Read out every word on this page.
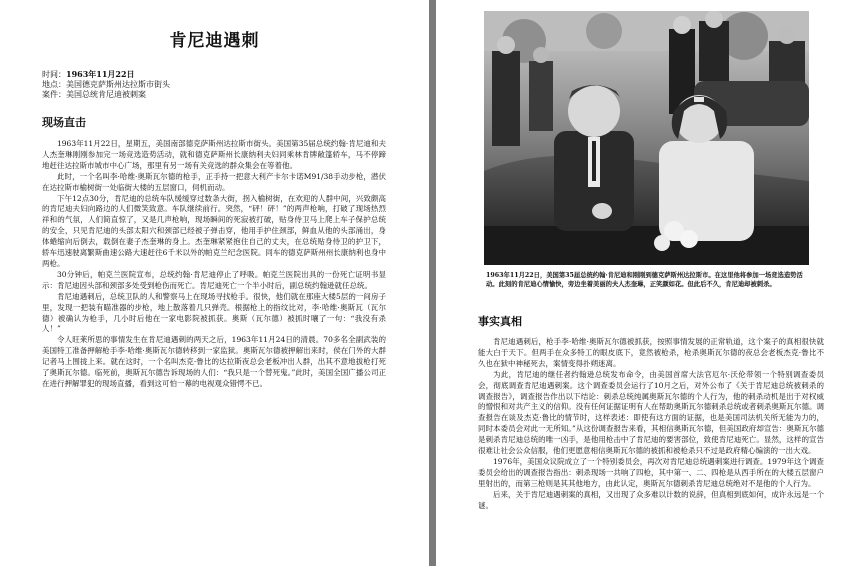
肯尼迪遇刺
时间：1963年11月22日
地点：美国德克萨斯州达拉斯市街头
案件：美国总统肯尼迪被刺案
现场直击

1963年11月22日，星期五，美国南部德克萨斯州达拉斯市街头。美国第35届总统约翰·肯尼迪和夫人杰奎琳刚刚参加完一场竞选造势活动，就和德克萨斯州长康纳利夫妇同乘林肯牌敞篷轿车，马不停蹄地赶往达拉斯市城市中心广场，那里有另一场有关竞选的群众集会在等着他。

此时，一个名叫李·哈维·奥斯瓦尔德的枪手，正手持一把意大利产卡尔卡诺M91/38手动步枪，潜伏在达拉斯市榆树街一处临街大楼的五层窗口，伺机而动。

下午12点30分，肯尼迪的总统车队缓缓穿过数条大街，拐入榆树街，在欢迎的人群中间，兴致颇高的肯尼迪夫妇向路边的人们微笑致意。车队继续前行。突然，“砰！砰！”的两声枪响，打破了现场热烈祥和的气氛，人们简直惊了，又是几声枪响，现场瞬间的死寂被打破，贴身侍卫马上爬上车子保护总统的安全，只见肯尼迪的头部太阳穴和颈部已经被子弹击穿，他用手护住颈部，鲜血从他的头部涌出，身体蜷缩向后倒去，载倒在妻子杰奎琳的身上。杰奎琳紧紧抱住自己的丈夫，在总统贴身侍卫的护卫下，轿车迅速驶离繁斯曲速公路大速赶往6千米以外的帕克兰纪念医院。同车的德克萨斯州州长康纳利也身中两枪。

30分钟后，帕克兰医院宣布，总统约翰·肯尼迪停止了呼吸。帕克兰医院出具的一份死亡证明书显示：肯尼迪因头部和颈部多处受到枪伤而死亡。肯尼迪死亡一个半小时后，副总统约翰逊就任总统。

肯尼迪遇刺后，总统卫队的人和警察马上在现场寻找枪手。很快，他们就在那座大楼5层的一间房子里，发现一把装有瞄准器的步枪，地上散落着几只弹壳。根据枪上的指纹比对，李·哈维·奥斯瓦（瓦尔德）被确认为枪手，几小时后他在一家电影院被抓获。奥斯（瓦尔德）被抓时嚷了一句：“我没有杀人！”

令人旺莱所思的事情发生在肯尼迪遇刺的两天之后，1963年11月24日的清晨。70多名全副武装的美国特工准备押解枪手李·哈维·奥斯瓦尔德转移到一家监狱。奥斯瓦尔德被押解出来时，侯在门外的大群记者马上围拢上来。就在这时，一个名叫杰克·鲁比的达拉斯夜总会老板冲出人群，出其不意地拔枪打死了奥斯瓦尔德。临死前，奥斯瓦尔德告诉现场的人们：“我只是一个替死鬼。”此时，美国全国广播公司正在进行押解罪犯的现场直播，看到这可怕一幕的电视观众错愕不已。

1963年11月22日，美国第35届总统约翰·肯尼迪和刚刚到德克萨斯州达拉斯市。在这里他将参加一场竞选造势活动。此刻的肯尼迪心情愉快，旁边坐着美丽的夫人杰奎琳，正笑颜如花。但此后不久，肯尼迪却被刺杀。

事实真相

肯尼迪遇刺后，枪手李·哈维·奥斯瓦尔德被抓获，按照事情发展的正常轨道，这个案子的真相很快就能大白于天下。但两手在众多特工的眼皮底下，竟然被枪杀，枪杀奥斯瓦尔德的夜总会老板杰克·鲁比不久也在狱中神秘死去，案情变得扑朔迷离。

为此，肯尼迪的继任者约翰逊总统发布命令，由美国首席大法官厄尔·沃伦带领一个特别调查委员会，彻底调查肯尼迪遇刺案。这个调查委员会运行了10月之后，对外公布了《关于肯尼迪总统被刺杀的调查报告》，调查报告作出以下结论：刺杀总统纯属奥斯瓦尔德的个人行为，他的刺杀动机是出于对权威的憎恨和对共产主义的信仰。没有任何证据证明有人在帮助奥斯瓦尔德刺杀总统或者刺杀奥斯瓦尔德。调查报告在谈及杰克·鲁比的情节时，这样表述：即使有这方面的证据，也是美国司法机关所无能为力的，同时本委员会对此一无所知。”从这份调查报告来看，其相信奥斯瓦尔德，但美国政府却宣告：奥斯瓦尔德是刺杀肯尼迪总统的唯一凶手，是他用枪击中了肯尼迪的要害部位，致使肯尼迪死亡。显然，这样的宣告很难让社会公众信服，他们更愿意相信奥斯瓦尔德的被抓和被枪杀只不过是政府精心编演的一出大戏。

1976年，美国众议院成立了一个特别委员会，再次对肯尼迪总统遇刺案进行调查。1979年这个调查委员会给出的调查报告指出：刺杀现场一共响了四枪，其中第一、二、四枪是从西手所在的大楼五层窗户里射出的，而第三枪则是其其他地方，由此认定，奥斯瓦尔德刺杀肯尼迪总统绝对不是他的个人行为。

后来，关于肯尼迪遇刺案的真相，又出现了众多难以计数的说辞，但真相到底如何，成许永远是一个谜。
